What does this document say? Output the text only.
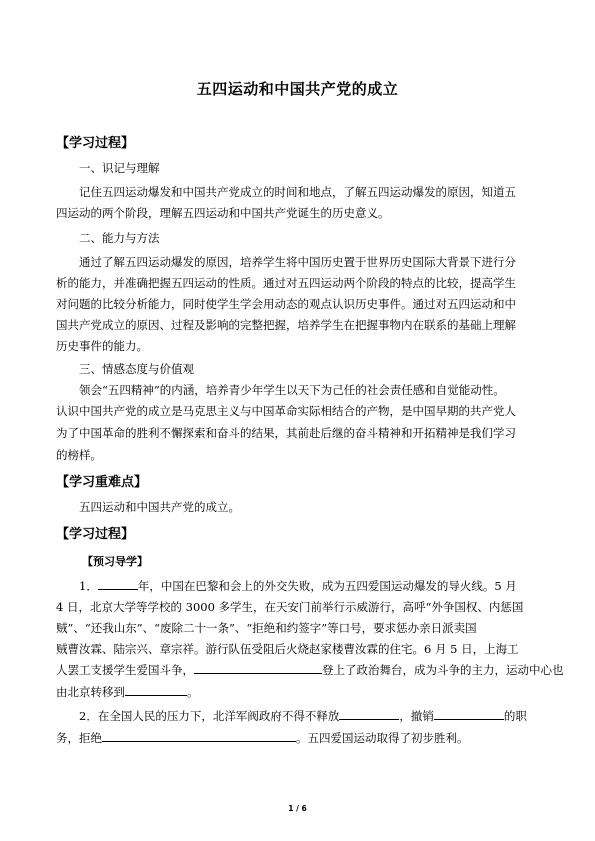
五四运动和中国共产党的成立
【学习过程】
一、识记与理解
记住五四运动爆发和中国共产党成立的时间和地点，了解五四运动爆发的原因，知道五
四运动的两个阶段，理解五四运动和中国共产党诞生的历史意义。
二、能力与方法
通过了解五四运动爆发的原因，培养学生将中国历史置于世界历史国际大背景下进行分
析的能力，并准确把握五四运动的性质。通过对五四运动两个阶段的特点的比较，提高学生
对问题的比较分析能力，同时使学生学会用动态的观点认识历史事件。通过对五四运动和中
国共产党成立的原因、过程及影响的完整把握，培养学生在把握事物内在联系的基础上理解
历史事件的能力。
三、情感态度与价值观
领会“五四精神”的内涵，培养青少年学生以天下为己任的社会责任感和自觉能动性。
认识中国共产党的成立是马克思主义与中国革命实际相结合的产物，是中国早期的共产党人
为了中国革命的胜利不懈探索和奋斗的结果，其前赴后继的奋斗精神和开拓精神是我们学习
的榜样。
【学习重难点】
五四运动和中国共产党的成立。
【学习过程】
【预习导学】
1．	年，中国在巴黎和会上的外交失败，成为五四爱国运动爆发的导火线。5 月
4 日，北京大学等学校的 3000 多学生，在天安门前举行示威游行，高呼“外争国权、内惩国
贼”、“还我山东”、“废除二十一条”、“拒绝和约签字”等口号，要求惩办亲日派卖国
贼曹汝霖、陆宗兴、章宗祥。游行队伍受阻后火烧赵家楼曹汝霖的住宅。6 月 5 日，上海工
人罢工支援学生爱国斗争，	登上了政治舞台，成为斗争的主力，运动中心也
由北京转移到	。
2．在全国人民的压力下，北洋军阀政府不得不释放	，撤销	的职
务，拒绝	。五四爱国运动取得了初步胜利。
1 / 6
